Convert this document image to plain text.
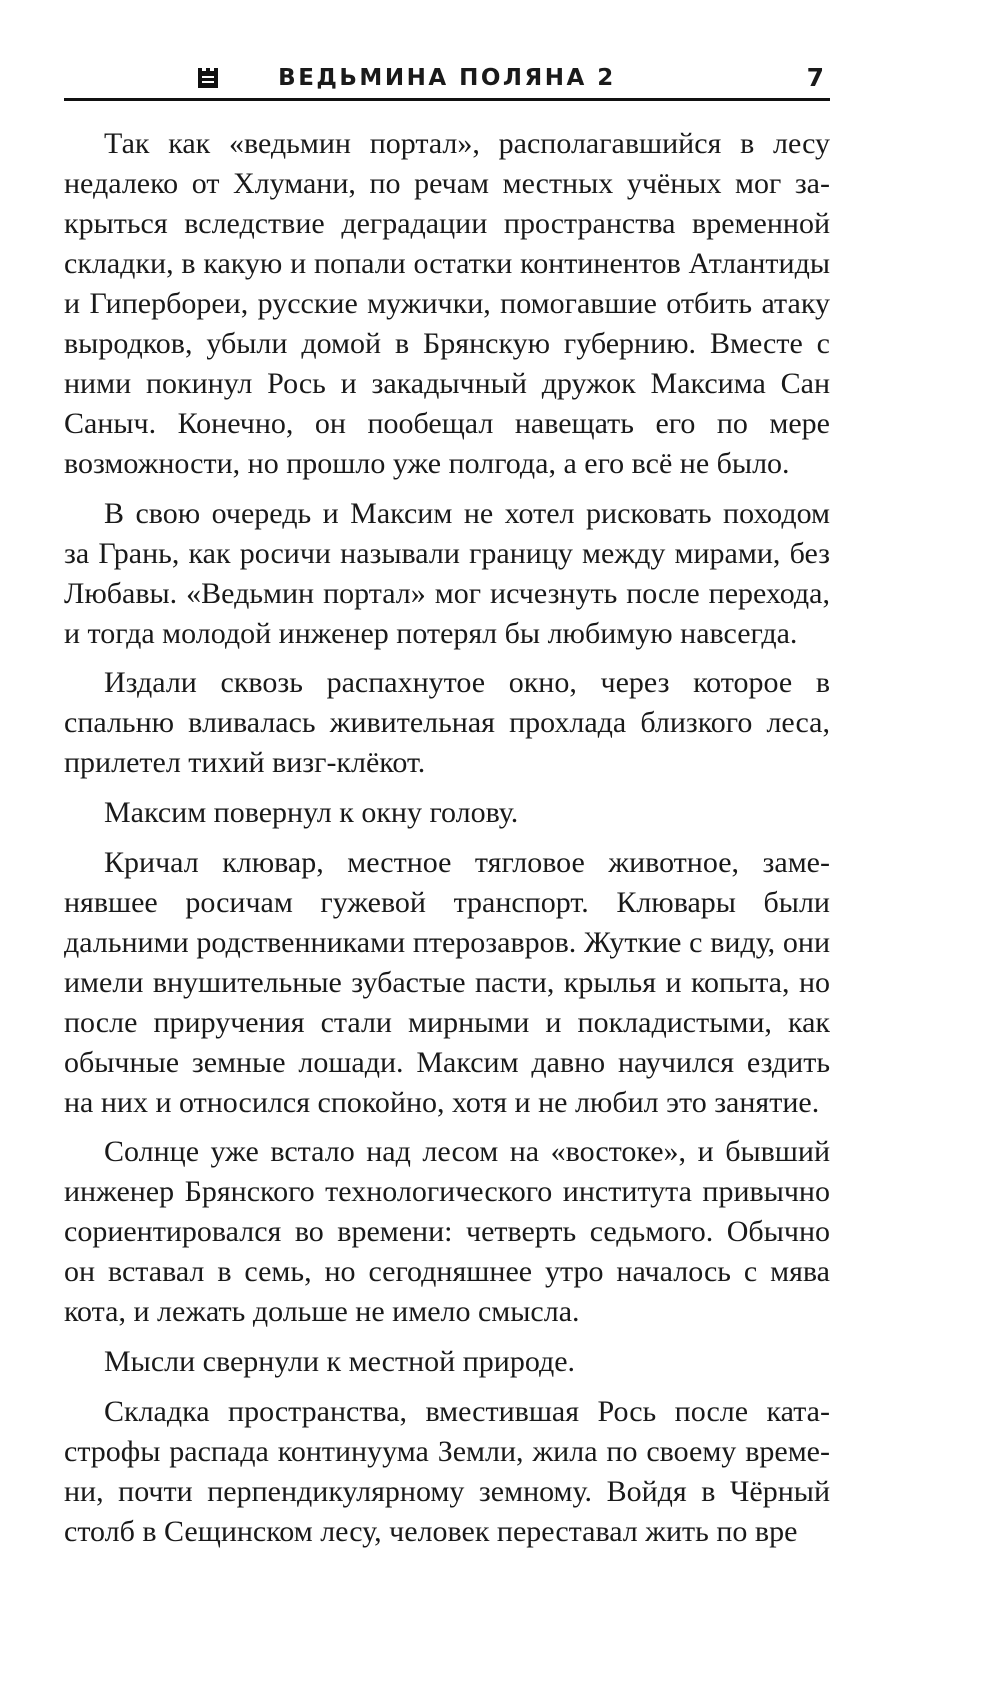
ВЕДЬМИНА ПОЛЯНА 2	7

Так как «ведьмин портал», располагавшийся в лесу недалеко от Хлумани, по речам местных учёных мог закрыться вследствие деградации пространства временной складки, в какую и попали остатки континентов Атлантиды и Гипербореи, русские мужички, помогавшие отбить атаку выродков, убыли домой в Брянскую губернию. Вместе с ними покинул Рось и закадычный дружок Максима Сан Саныч. Конечно, он пообещал навещать его по мере возможности, но прошло уже полгода, а его всё не было.

В свою очередь и Максим не хотел рисковать походом за Грань, как росичи называли границу между мирами, без Любавы. «Ведьмин портал» мог исчезнуть после перехода, и тогда молодой инженер потерял бы любимую навсегда.

Издали сквозь распахнутое окно, через которое в спальню вливалась живительная прохлада близкого леса, прилетел тихий визг-клёкот.

Максим повернул к окну голову.

Кричал клювар, местное тягловое животное, заменявшее росичам гужевой транспорт. Клювары были дальними родственниками птерозавров. Жуткие с виду, они имели внушительные зубастые пасти, крылья и копыта, но после приручения стали мирными и покладистыми, как обычные земные лошади. Максим давно научился ездить на них и относился спокойно, хотя и не любил это занятие.

Солнце уже встало над лесом на «востоке», и бывший инженер Брянского технологического института привычно сориентировался во времени: четверть седьмого. Обычно он вставал в семь, но сегодняшнее утро началось с мява кота, и лежать дольше не имело смысла.

Мысли свернули к местной природе.

Складка пространства, вместившая Рось после катастрофы распада континуума Земли, жила по своему времени, почти перпендикулярному земному. Войдя в Чёрный столб в Сещинском лесу, человек переставал жить по вре
